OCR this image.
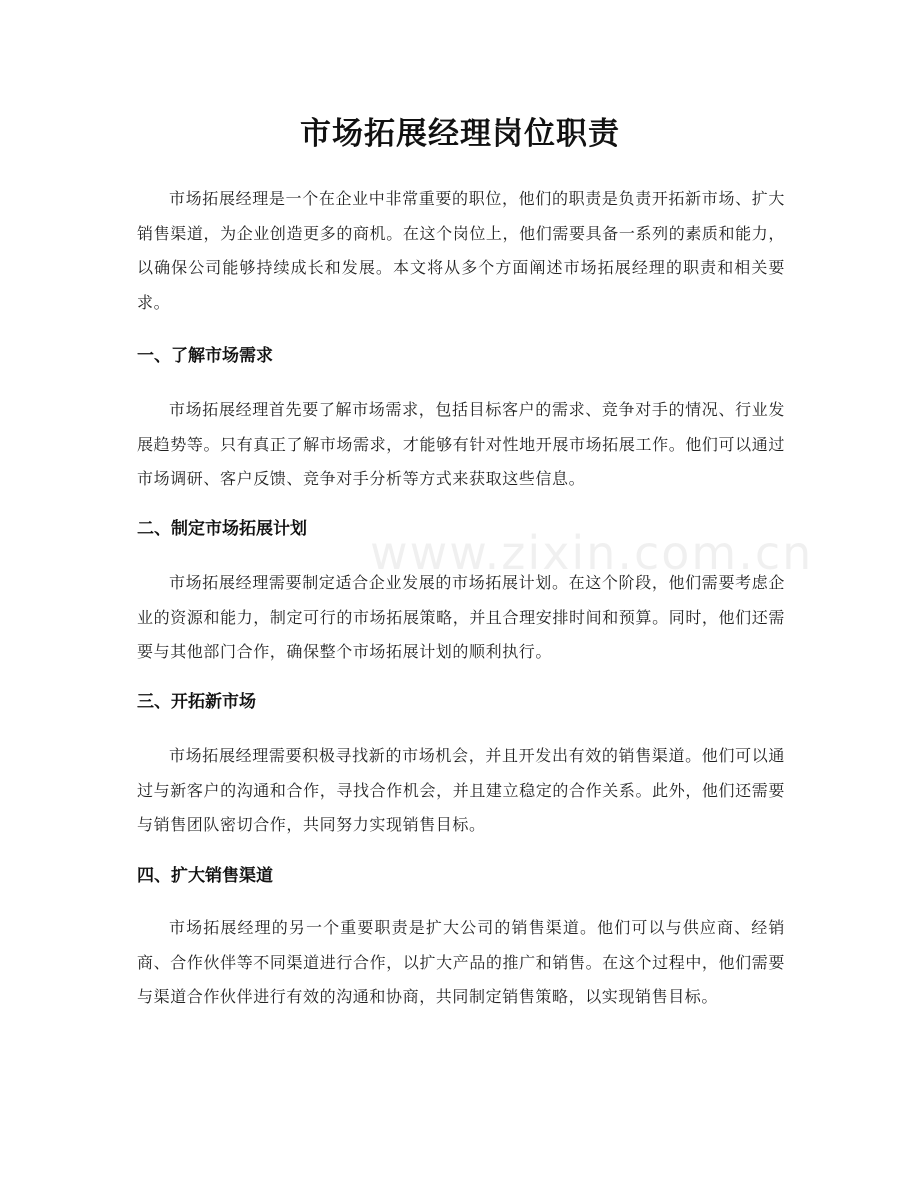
www.zixin.com.cn
市场拓展经理岗位职责

市场拓展经理是一个在企业中非常重要的职位，他们的职责是负责开拓新市场、扩大销售渠道，为企业创造更多的商机。在这个岗位上，他们需要具备一系列的素质和能力，以确保公司能够持续成长和发展。本文将从多个方面阐述市场拓展经理的职责和相关要求。

一、了解市场需求

市场拓展经理首先要了解市场需求，包括目标客户的需求、竞争对手的情况、行业发展趋势等。只有真正了解市场需求，才能够有针对性地开展市场拓展工作。他们可以通过市场调研、客户反馈、竞争对手分析等方式来获取这些信息。

二、制定市场拓展计划

市场拓展经理需要制定适合企业发展的市场拓展计划。在这个阶段，他们需要考虑企业的资源和能力，制定可行的市场拓展策略，并且合理安排时间和预算。同时，他们还需要与其他部门合作，确保整个市场拓展计划的顺利执行。

三、开拓新市场

市场拓展经理需要积极寻找新的市场机会，并且开发出有效的销售渠道。他们可以通过与新客户的沟通和合作，寻找合作机会，并且建立稳定的合作关系。此外，他们还需要与销售团队密切合作，共同努力实现销售目标。

四、扩大销售渠道

市场拓展经理的另一个重要职责是扩大公司的销售渠道。他们可以与供应商、经销商、合作伙伴等不同渠道进行合作，以扩大产品的推广和销售。在这个过程中，他们需要与渠道合作伙伴进行有效的沟通和协商，共同制定销售策略，以实现销售目标。
